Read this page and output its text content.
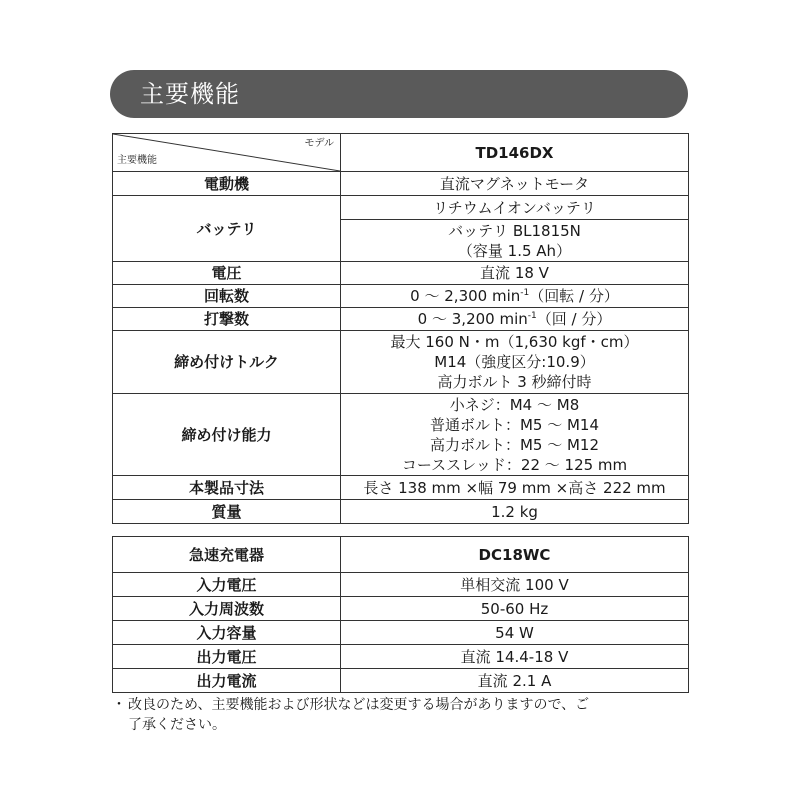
主要機能
モデル
主要機能	TD146DX
電動機	直流マグネットモータ
バッテリ	リチウムイオンバッテリ

	バッテリ BL1815N
（容量 1.5 Ah）

電圧	直流 18 V
回転数	0 ～ 2,300 $\min^{-1}$（回転 / 分）
打撃数	0 ～ 3,200 $\min^{-1}$（回 / 分）
締め付けトルク	最大 160 N・m（1,630 kgf・cm）
M14（強度区分:10.9）
高力ボルト 3 秒締付時

締め付け能力	小ネジ：M4 ～ M8
普通ボルト：M5 ～ M14
高力ボルト：M5 ～ M12
コーススレッド：22 ～ 125 mm

本製品寸法	長さ 138 mm ×幅 79 mm ×高さ 222 mm
質量	1.2 kg
急速充電器	DC18WC
入力電圧	単相交流 100 V
入力周波数	50-60 Hz
入力容量	54 W
出力電圧	直流 14.4-18 V
出力電流	直流 2.1 A
・ 改良のため、主要機能および形状などは変更する場合がありますので、ご
了承ください。
